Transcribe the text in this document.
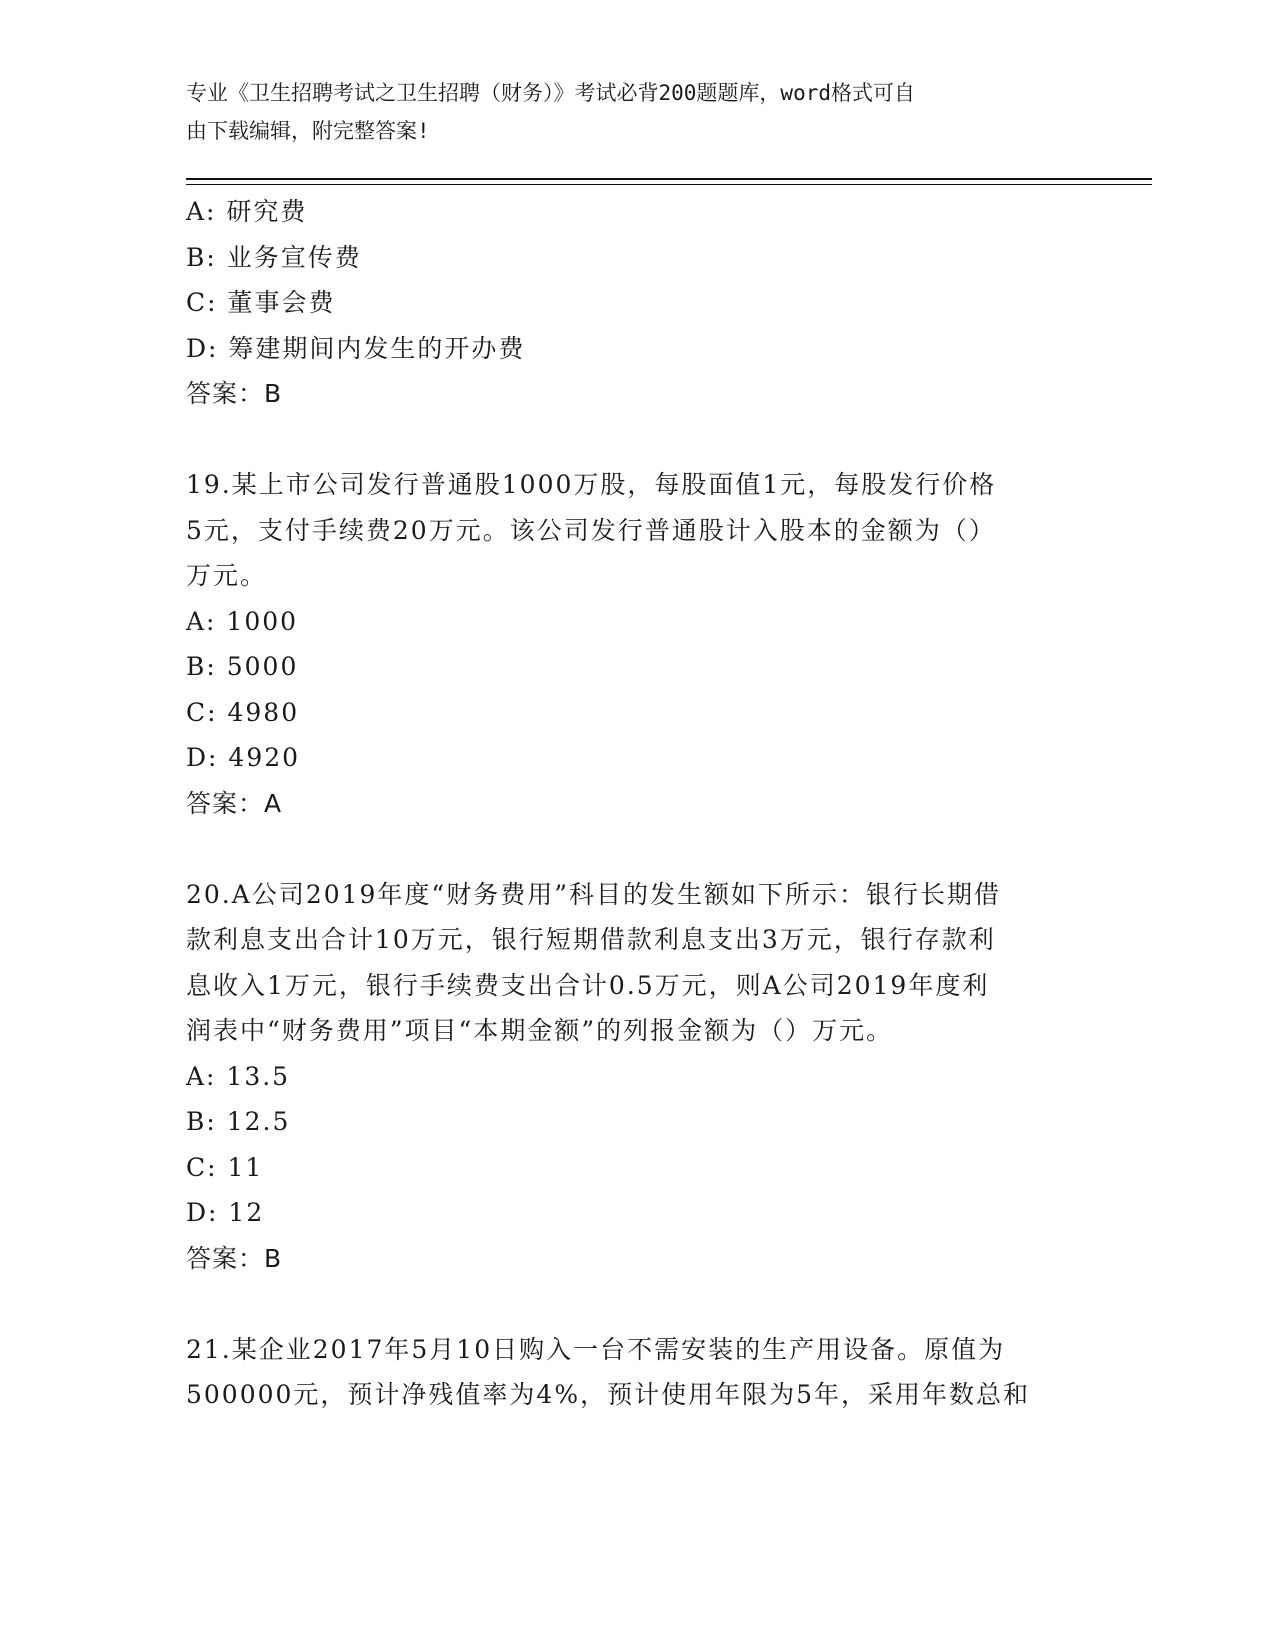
专业《卫生招聘考试之卫生招聘（财务）》考试必背200题题库，word格式可自
由下载编辑，附完整答案!
A: 研究费
B: 业务宣传费
C: 董事会费
D: 筹建期间内发生的开办费
答案：B
19.某上市公司发行普通股1000万股，每股面值1元，每股发行价格
5元，支付手续费20万元。该公司发行普通股计入股本的金额为（）
万元。
A: 1000
B: 5000
C: 4980
D: 4920
答案：A
20.A公司2019年度“财务费用”科目的发生额如下所示：银行长期借
款利息支出合计10万元，银行短期借款利息支出3万元，银行存款利
息收入1万元，银行手续费支出合计0.5万元，则A公司2019年度利
润表中“财务费用”项目“本期金额”的列报金额为（）万元。
A: 13.5
B: 12.5
C: 11
D: 12
答案：B
21.某企业2017年5月10日购入一台不需安装的生产用设备。原值为
500000元，预计净残值率为4%，预计使用年限为5年，采用年数总和
